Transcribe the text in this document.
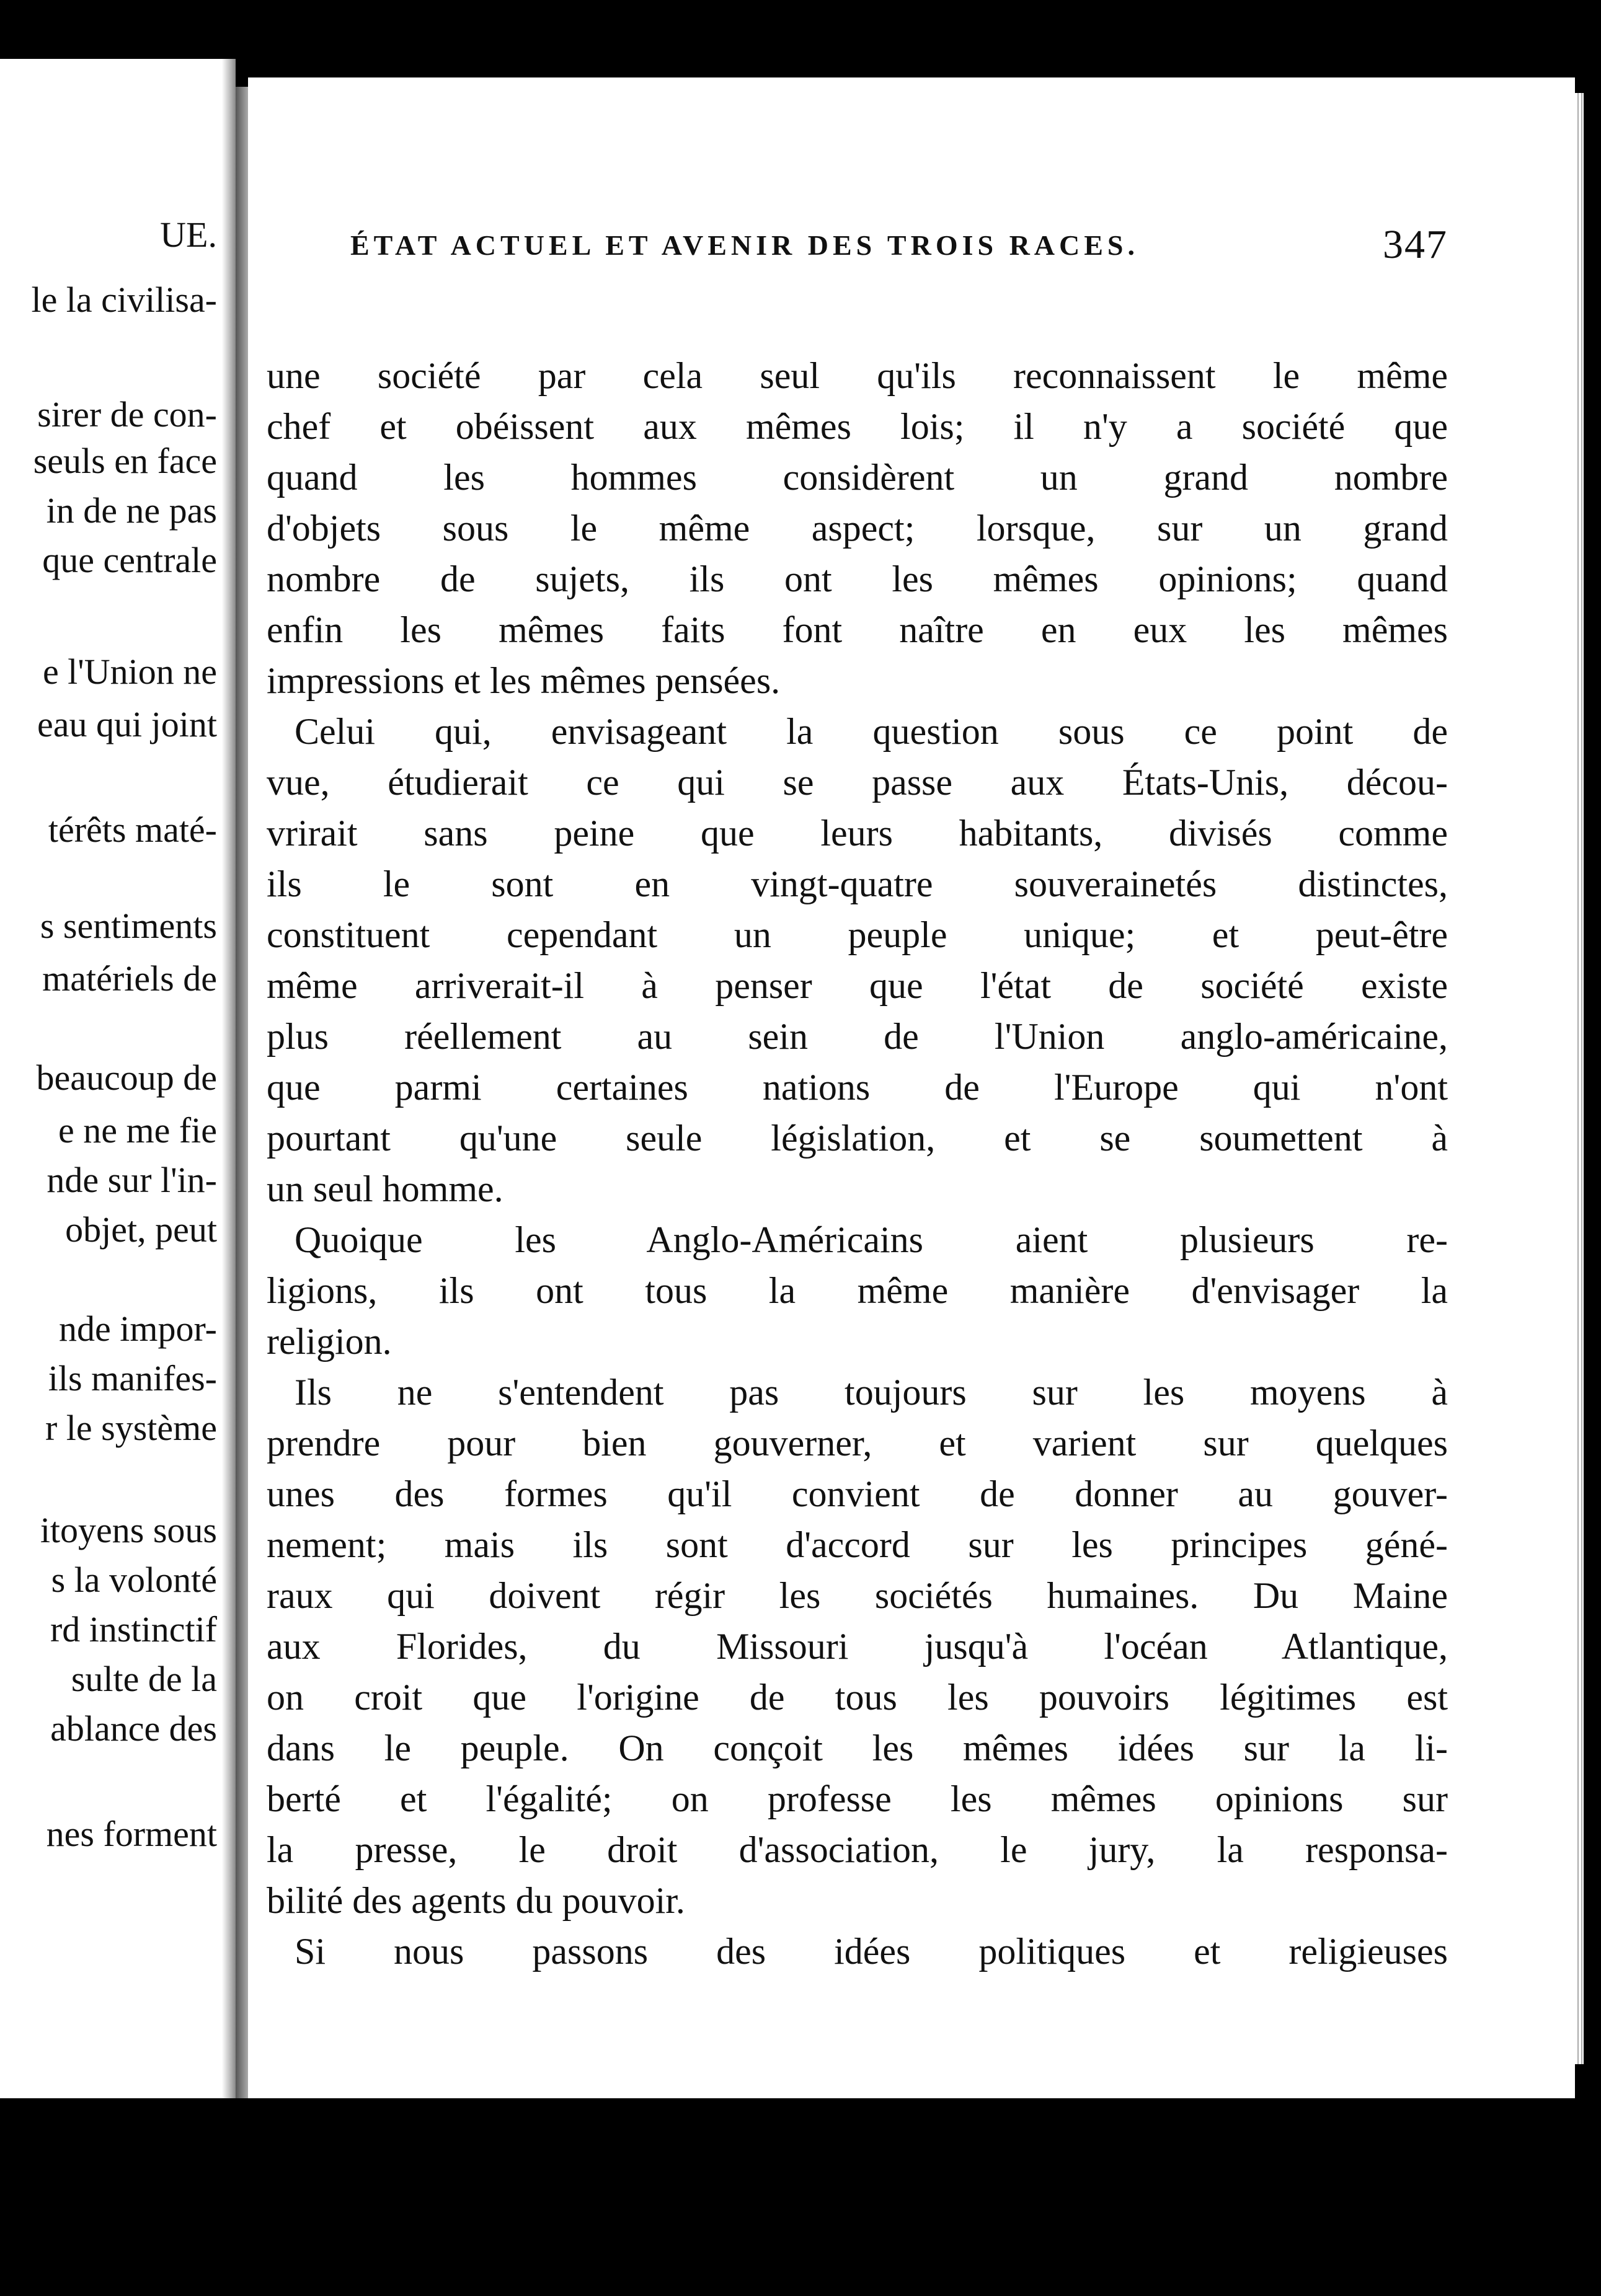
UE.
le la civilisa-
sirer de con-
seuls en face
in de ne pas
que centrale
e l'Union ne
eau qui joint
térêts maté-
s sentiments
matériels de
beaucoup de
e ne me fie
nde sur l'in-
objet, peut
nde impor-
ils manifes-
r le système
itoyens sous
s la volonté
rd instinctif
sulte de la
ablance des
nes forment
ÉTAT ACTUEL ET AVENIR DES TROIS RACES.	347
une société par cela seul qu'ils reconnaissent le même
chef et obéissent aux mêmes lois; il n'y a société que
quand les hommes considèrent un grand nombre
d'objets sous le même aspect; lorsque, sur un grand
nombre de sujets, ils ont les mêmes opinions; quand
enfin les mêmes faits font naître en eux les mêmes
impressions et les mêmes pensées.
Celui qui, envisageant la question sous ce point de
vue, étudierait ce qui se passe aux États-Unis, décou-
vrirait sans peine que leurs habitants, divisés comme
ils le sont en vingt-quatre souverainetés distinctes,
constituent cependant un peuple unique; et peut-être
même arriverait-il à penser que l'état de société existe
plus réellement au sein de l'Union anglo-américaine,
que parmi certaines nations de l'Europe qui n'ont
pourtant qu'une seule législation, et se soumettent à
un seul homme.
Quoique les Anglo-Américains aient plusieurs re-
ligions, ils ont tous la même manière d'envisager la
religion.
Ils ne s'entendent pas toujours sur les moyens à
prendre pour bien gouverner, et varient sur quelques
unes des formes qu'il convient de donner au gouver-
nement; mais ils sont d'accord sur les principes géné-
raux qui doivent régir les sociétés humaines. Du Maine
aux Florides, du Missouri jusqu'à l'océan Atlantique,
on croit que l'origine de tous les pouvoirs légitimes est
dans le peuple. On conçoit les mêmes idées sur la li-
berté et l'égalité; on professe les mêmes opinions sur
la presse, le droit d'association, le jury, la responsa-
bilité des agents du pouvoir.
Si nous passons des idées politiques et religieuses
